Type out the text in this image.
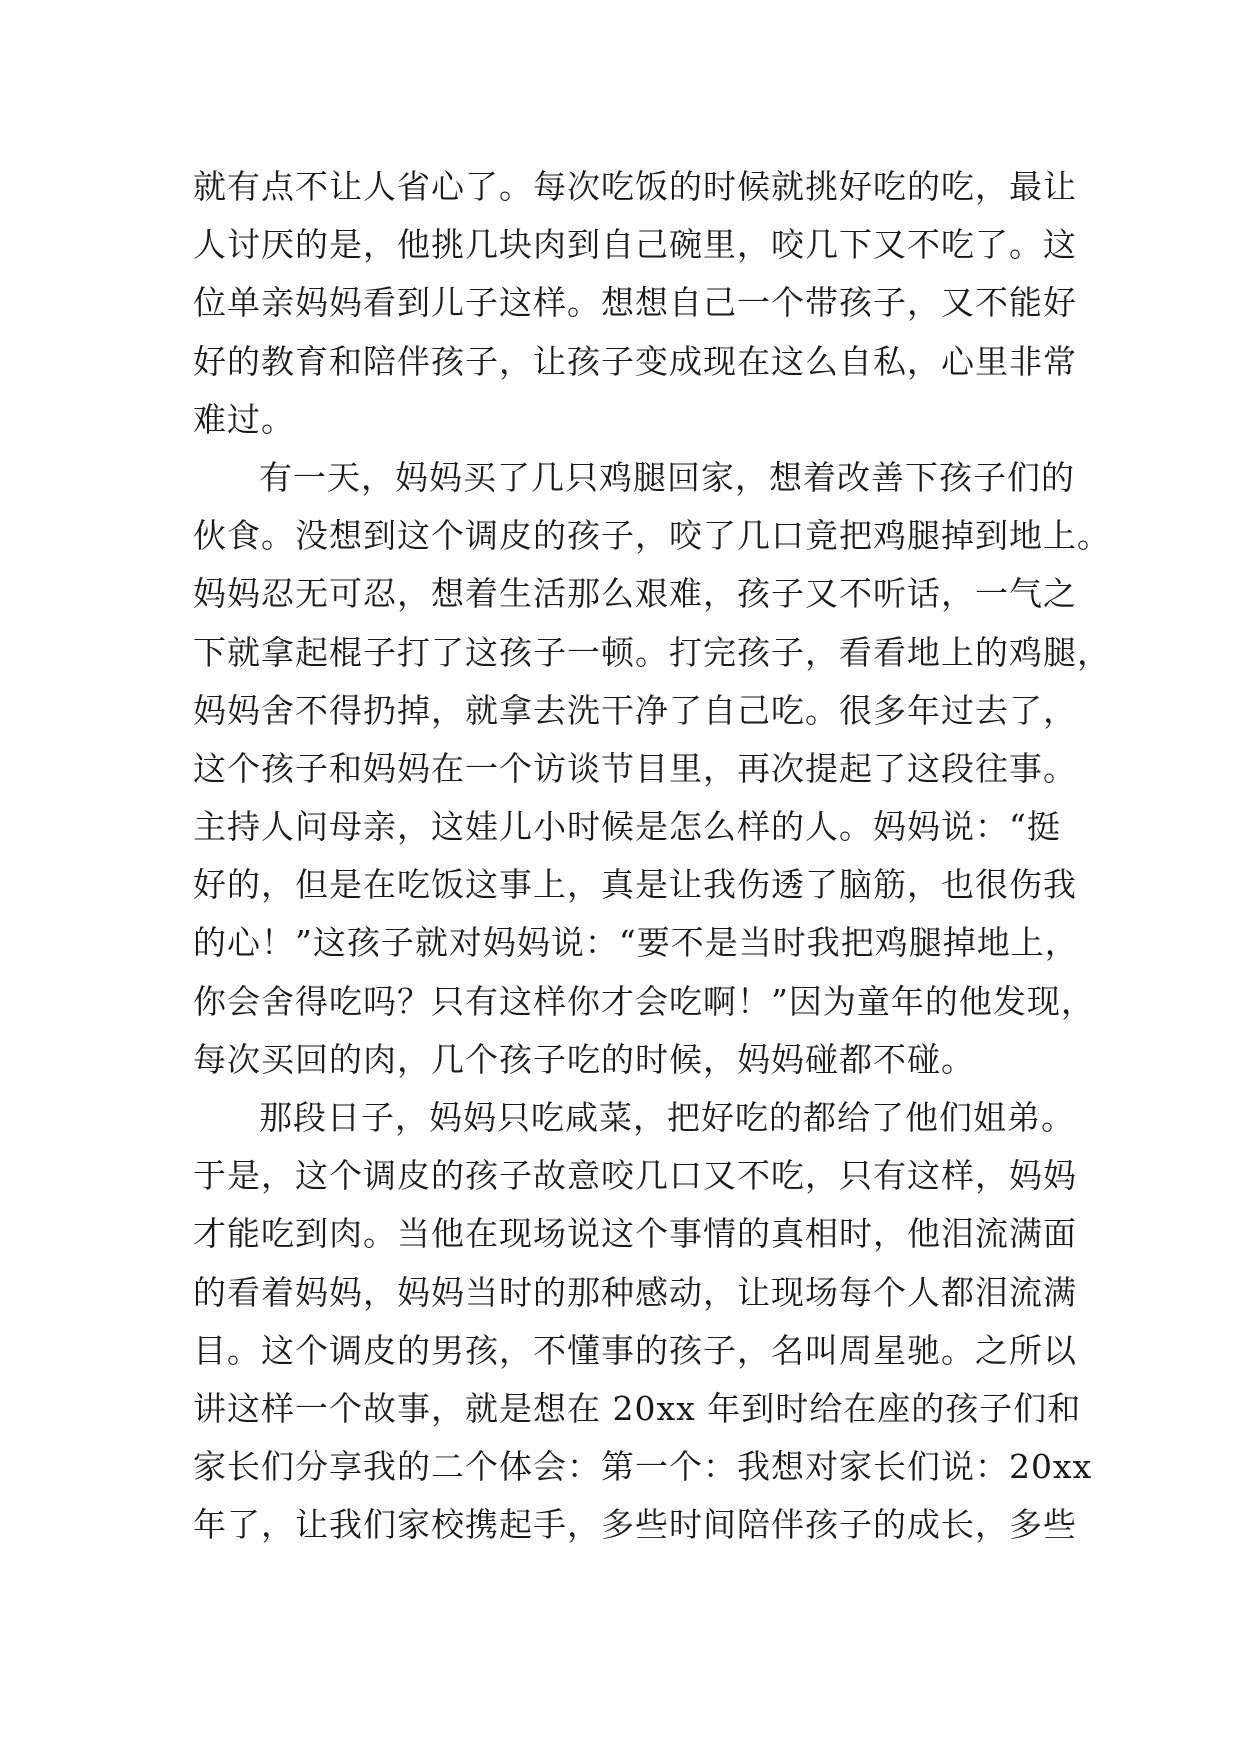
就有点不让人省心了。每次吃饭的时候就挑好吃的吃，最让
人讨厌的是，他挑几块肉到自己碗里，咬几下又不吃了。这
位单亲妈妈看到儿子这样。想想自己一个带孩子，又不能好
好的教育和陪伴孩子，让孩子变成现在这么自私，心里非常
难过。
有一天，妈妈买了几只鸡腿回家，想着改善下孩子们的
伙食。没想到这个调皮的孩子，咬了几口竟把鸡腿掉到地上。
妈妈忍无可忍，想着生活那么艰难，孩子又不听话，一气之
下就拿起棍子打了这孩子一顿。打完孩子，看看地上的鸡腿，
妈妈舍不得扔掉，就拿去洗干净了自己吃。很多年过去了，
这个孩子和妈妈在一个访谈节目里，再次提起了这段往事。
主持人问母亲，这娃儿小时候是怎么样的人。妈妈说：“挺
好的，但是在吃饭这事上，真是让我伤透了脑筋，也很伤我
的心！”这孩子就对妈妈说：“要不是当时我把鸡腿掉地上，
你会舍得吃吗？只有这样你才会吃啊！”因为童年的他发现，
每次买回的肉，几个孩子吃的时候，妈妈碰都不碰。
那段日子，妈妈只吃咸菜，把好吃的都给了他们姐弟。
于是，这个调皮的孩子故意咬几口又不吃，只有这样，妈妈
才能吃到肉。当他在现场说这个事情的真相时，他泪流满面
的看着妈妈，妈妈当时的那种感动，让现场每个人都泪流满
目。这个调皮的男孩，不懂事的孩子，名叫周星驰。之所以
讲这样一个故事，就是想在 20xx 年到时给在座的孩子们和
家长们分享我的二个体会：第一个：我想对家长们说：20xx
年了，让我们家校携起手，多些时间陪伴孩子的成长，多些
